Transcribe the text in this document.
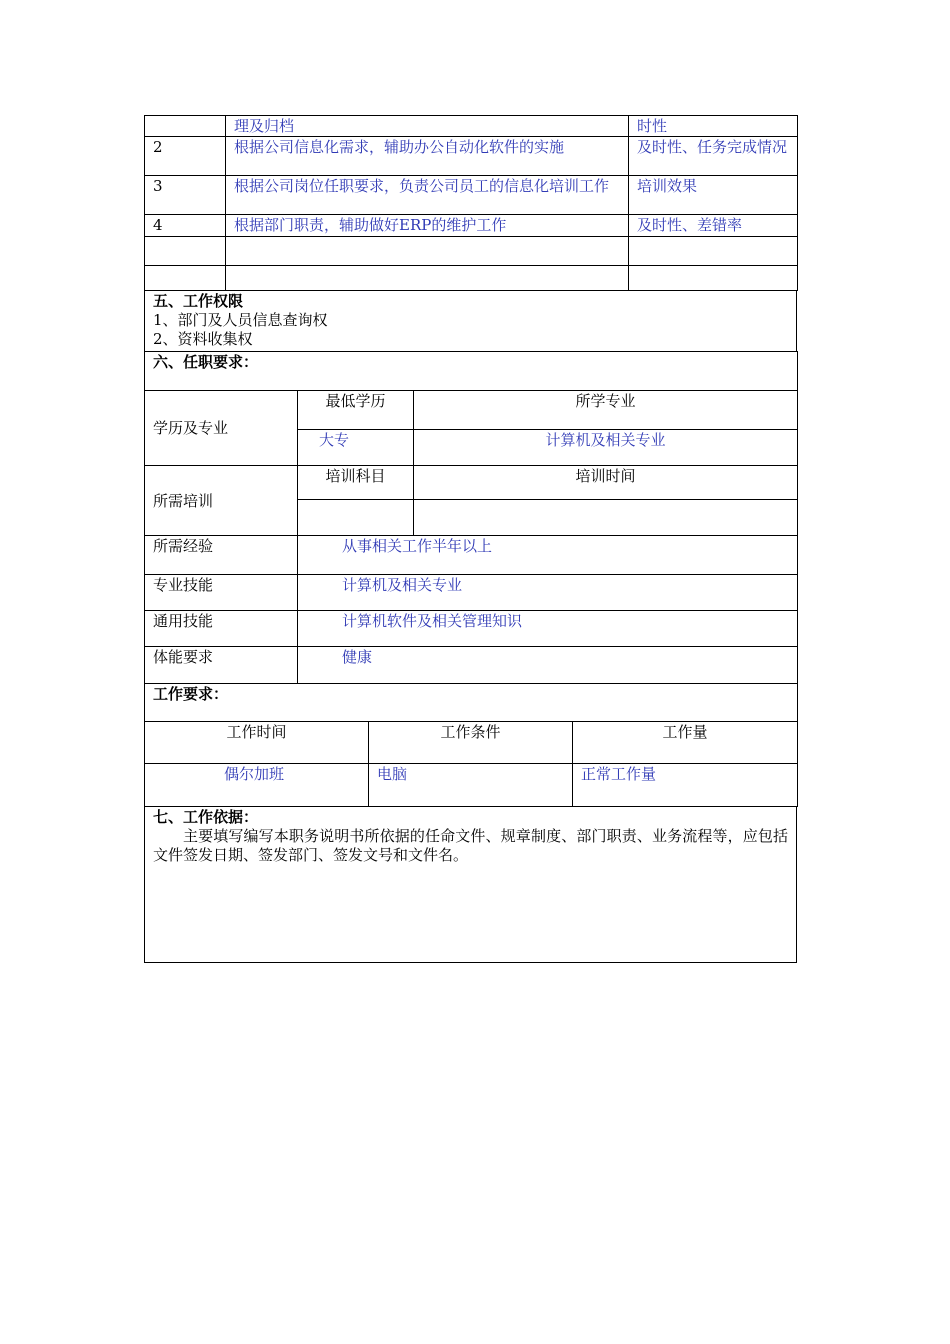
	理及归档	时性
2	根据公司信息化需求，辅助办公自动化软件的实施	及时性、任务完成情况
3	根据公司岗位任职要求，负责公司员工的信息化培训工作	培训效果
4	根据部门职责，辅助做好ERP的维护工作	及时性、差错率

五、工作权限
1、部门及人员信息查询权
2、资料收集权
六、任职要求：		
学历及专业	最低学历	所学专业
	大专	计算机及相关专业
所需培训	培训科目	培训时间

所需经验	从事相关工作半年以上	
专业技能	计算机及相关专业	
通用技能	计算机软件及相关管理知识	
体能要求	健康	
工作要求：		
工作时间	工作条件	工作量
偶尔加班	电脑	正常工作量
七、工作依据：
主要填写编写本职务说明书所依据的任命文件、规章制度、部门职责、业务流程等，应包括文件签发日期、签发部门、签发文号和文件名。
